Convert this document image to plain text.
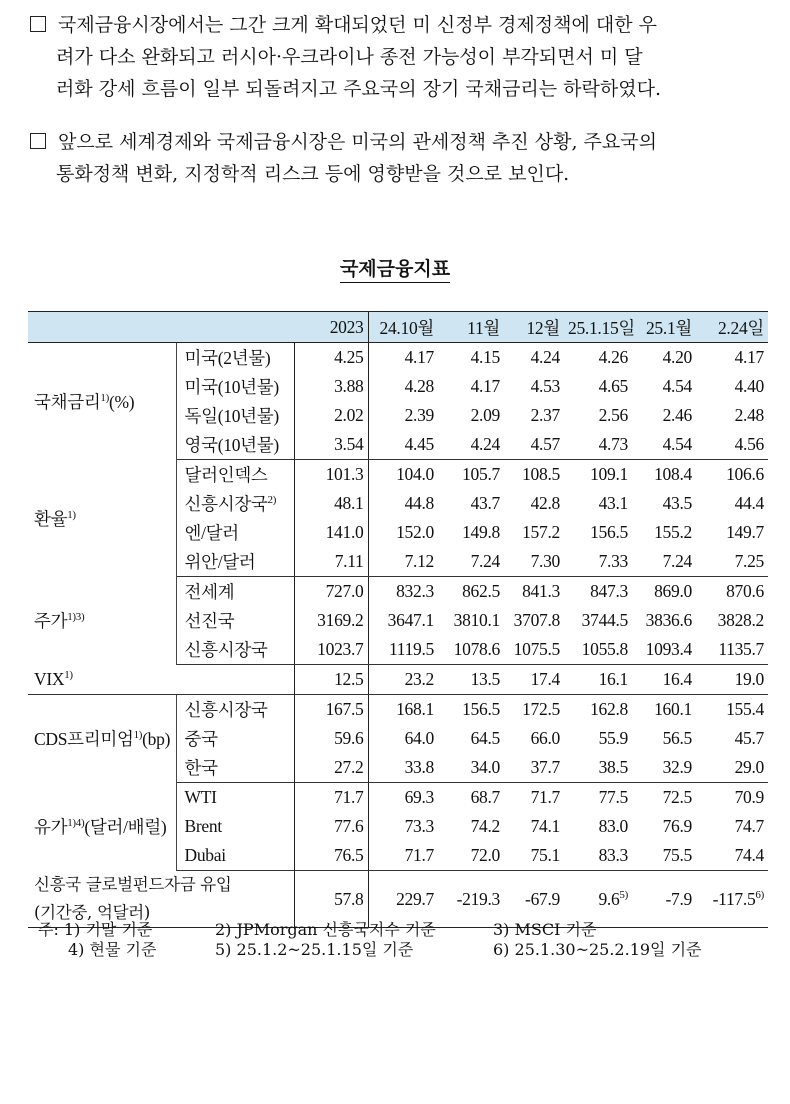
국제금융시장에서는 그간 크게 확대되었던 미 신정부 경제정책에 대한 우
려가 다소 완화되고 러시아·우크라이나 종전 가능성이 부각되면서 미 달
러화 강세 흐름이 일부 되돌려지고 주요국의 장기 국채금리는 하락하였다.
앞으로 세계경제와 국제금융시장은 미국의 관세정책 추진 상황, 주요국의
통화정책 변화, 지정학적 리스크 등에 영향받을 것으로 보인다.
국제금융지표
		2023	24.10월	11월	12월	25.1.15일	25.1월	2.24일
국채금리$^{1)}$(%)	미국(2년물)	4.25	4.17	4.15	4.24	4.26	4.20	4.17
	미국(10년물)	3.88	4.28	4.17	4.53	4.65	4.54	4.40
	독일(10년물)	2.02	2.39	2.09	2.37	2.56	2.46	2.48
	영국(10년물)	3.54	4.45	4.24	4.57	4.73	4.54	4.56
환율$^{1)}$	달러인덱스	101.3	104.0	105.7	108.5	109.1	108.4	106.6
	신흥시장국$^{2)}$	48.1	44.8	43.7	42.8	43.1	43.5	44.4
	엔/달러	141.0	152.0	149.8	157.2	156.5	155.2	149.7
	위안/달러	7.11	7.12	7.24	7.30	7.33	7.24	7.25
주가$^{1)3)}$	전세계	727.0	832.3	862.5	841.3	847.3	869.0	870.6
	선진국	3169.2	3647.1	3810.1	3707.8	3744.5	3836.6	3828.2
	신흥시장국	1023.7	1119.5	1078.6	1075.5	1055.8	1093.4	1135.7
VIX$^{1)}$		12.5	23.2	13.5	17.4	16.1	16.4	19.0
CDS프리미엄$^{1)}$(bp)	신흥시장국	167.5	168.1	156.5	172.5	162.8	160.1	155.4
	중국	59.6	64.0	64.5	66.0	55.9	56.5	45.7
	한국	27.2	33.8	34.0	37.7	38.5	32.9	29.0
유가$^{1)4)}$(달러/배럴)	WTI	71.7	69.3	68.7	71.7	77.5	72.5	70.9
	Brent	77.6	73.3	74.2	74.1	83.0	76.9	74.7
	Dubai	76.5	71.7	72.0	75.1	83.3	75.5	74.4

신흥국 글로벌펀드자금 유입
(기간중, 억달러)		57.8	229.7	-219.3	-67.9	9.6$^{5)}$	-7.9	-117.5$^{6)}$
주: 1) 기말 기준	2) JPMorgan 신흥국지수 기준	3) MSCI 기준
4) 현물 기준	5) 25.1.2~25.1.15일 기준	6) 25.1.30~25.2.19일 기준
